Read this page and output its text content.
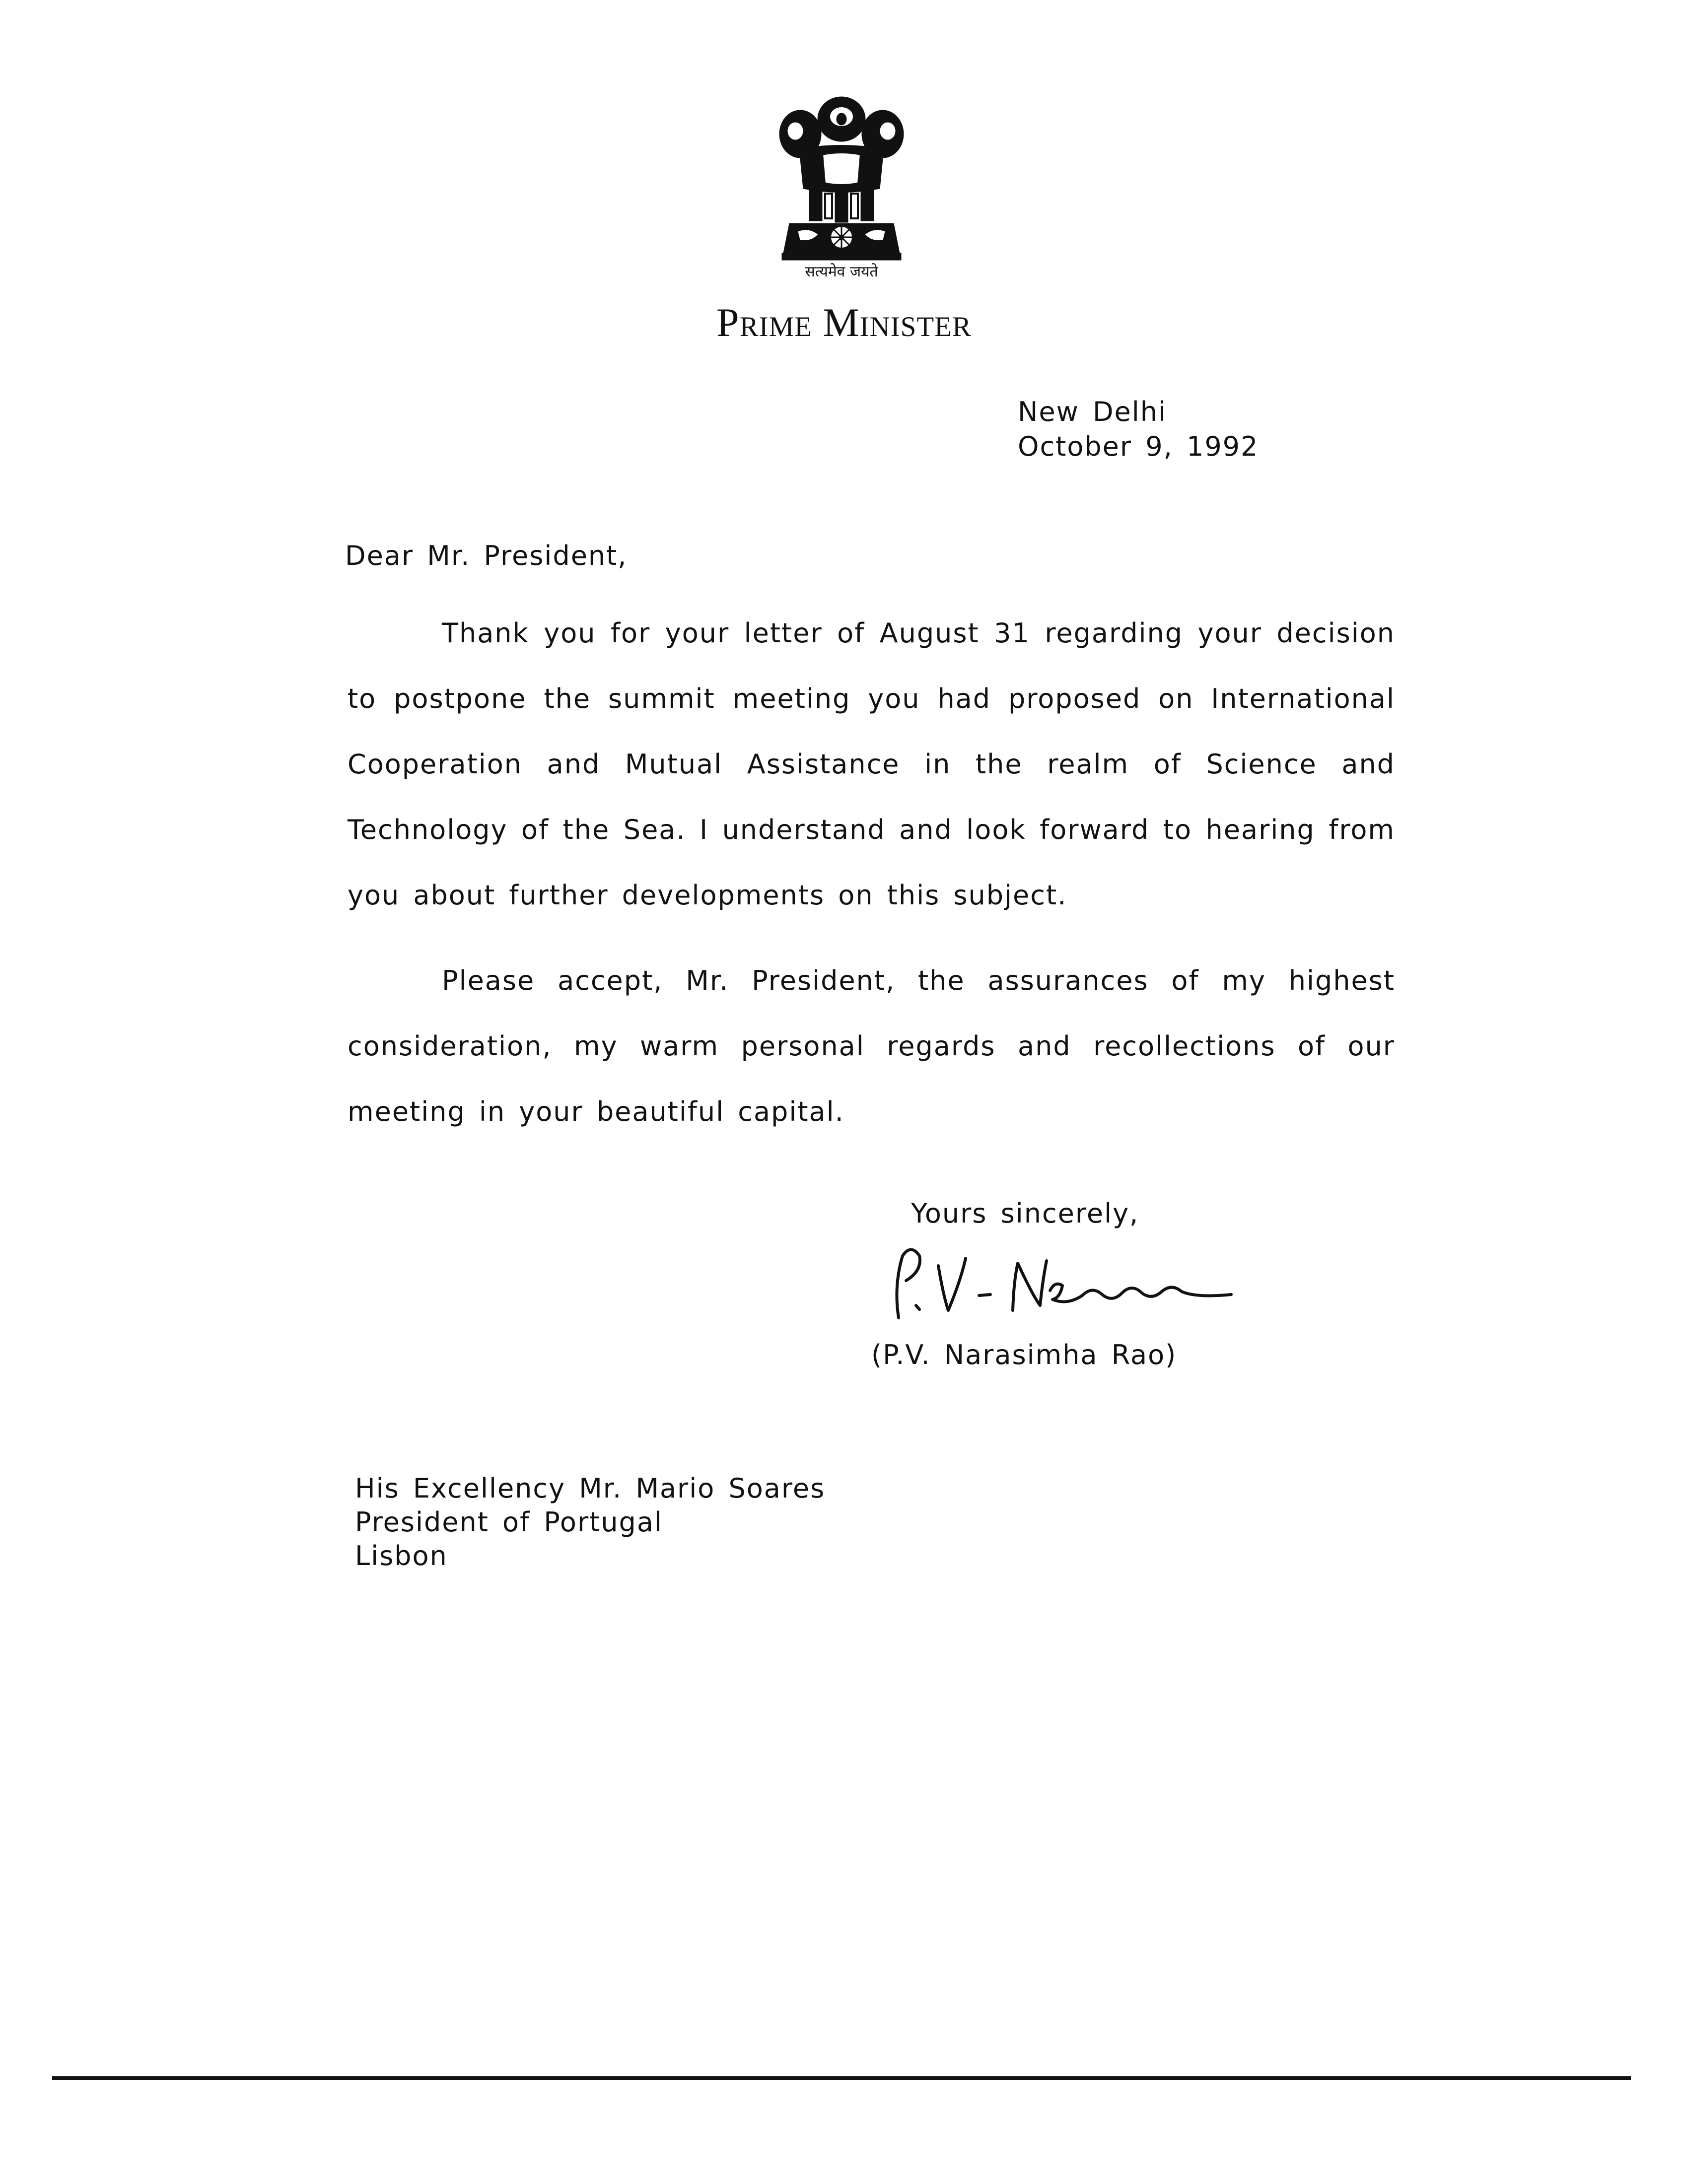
सत्यमेव जयते
Prime Minister
New Delhi
October 9, 1992
Dear Mr. President,

Thank you for your letter of August 31 regarding your decision to postpone the summit meeting you had proposed on International Cooperation and Mutual Assistance in the realm of Science and Technology of the Sea. I understand and look forward to hearing from you about further developments on this subject.

Please accept, Mr. President, the assurances of my highest consideration, my warm personal regards and recollections of our meeting in your beautiful capital.

Yours sincerely,
(P.V. Narasimha Rao)
His Excellency Mr. Mario Soares
President of Portugal
Lisbon
